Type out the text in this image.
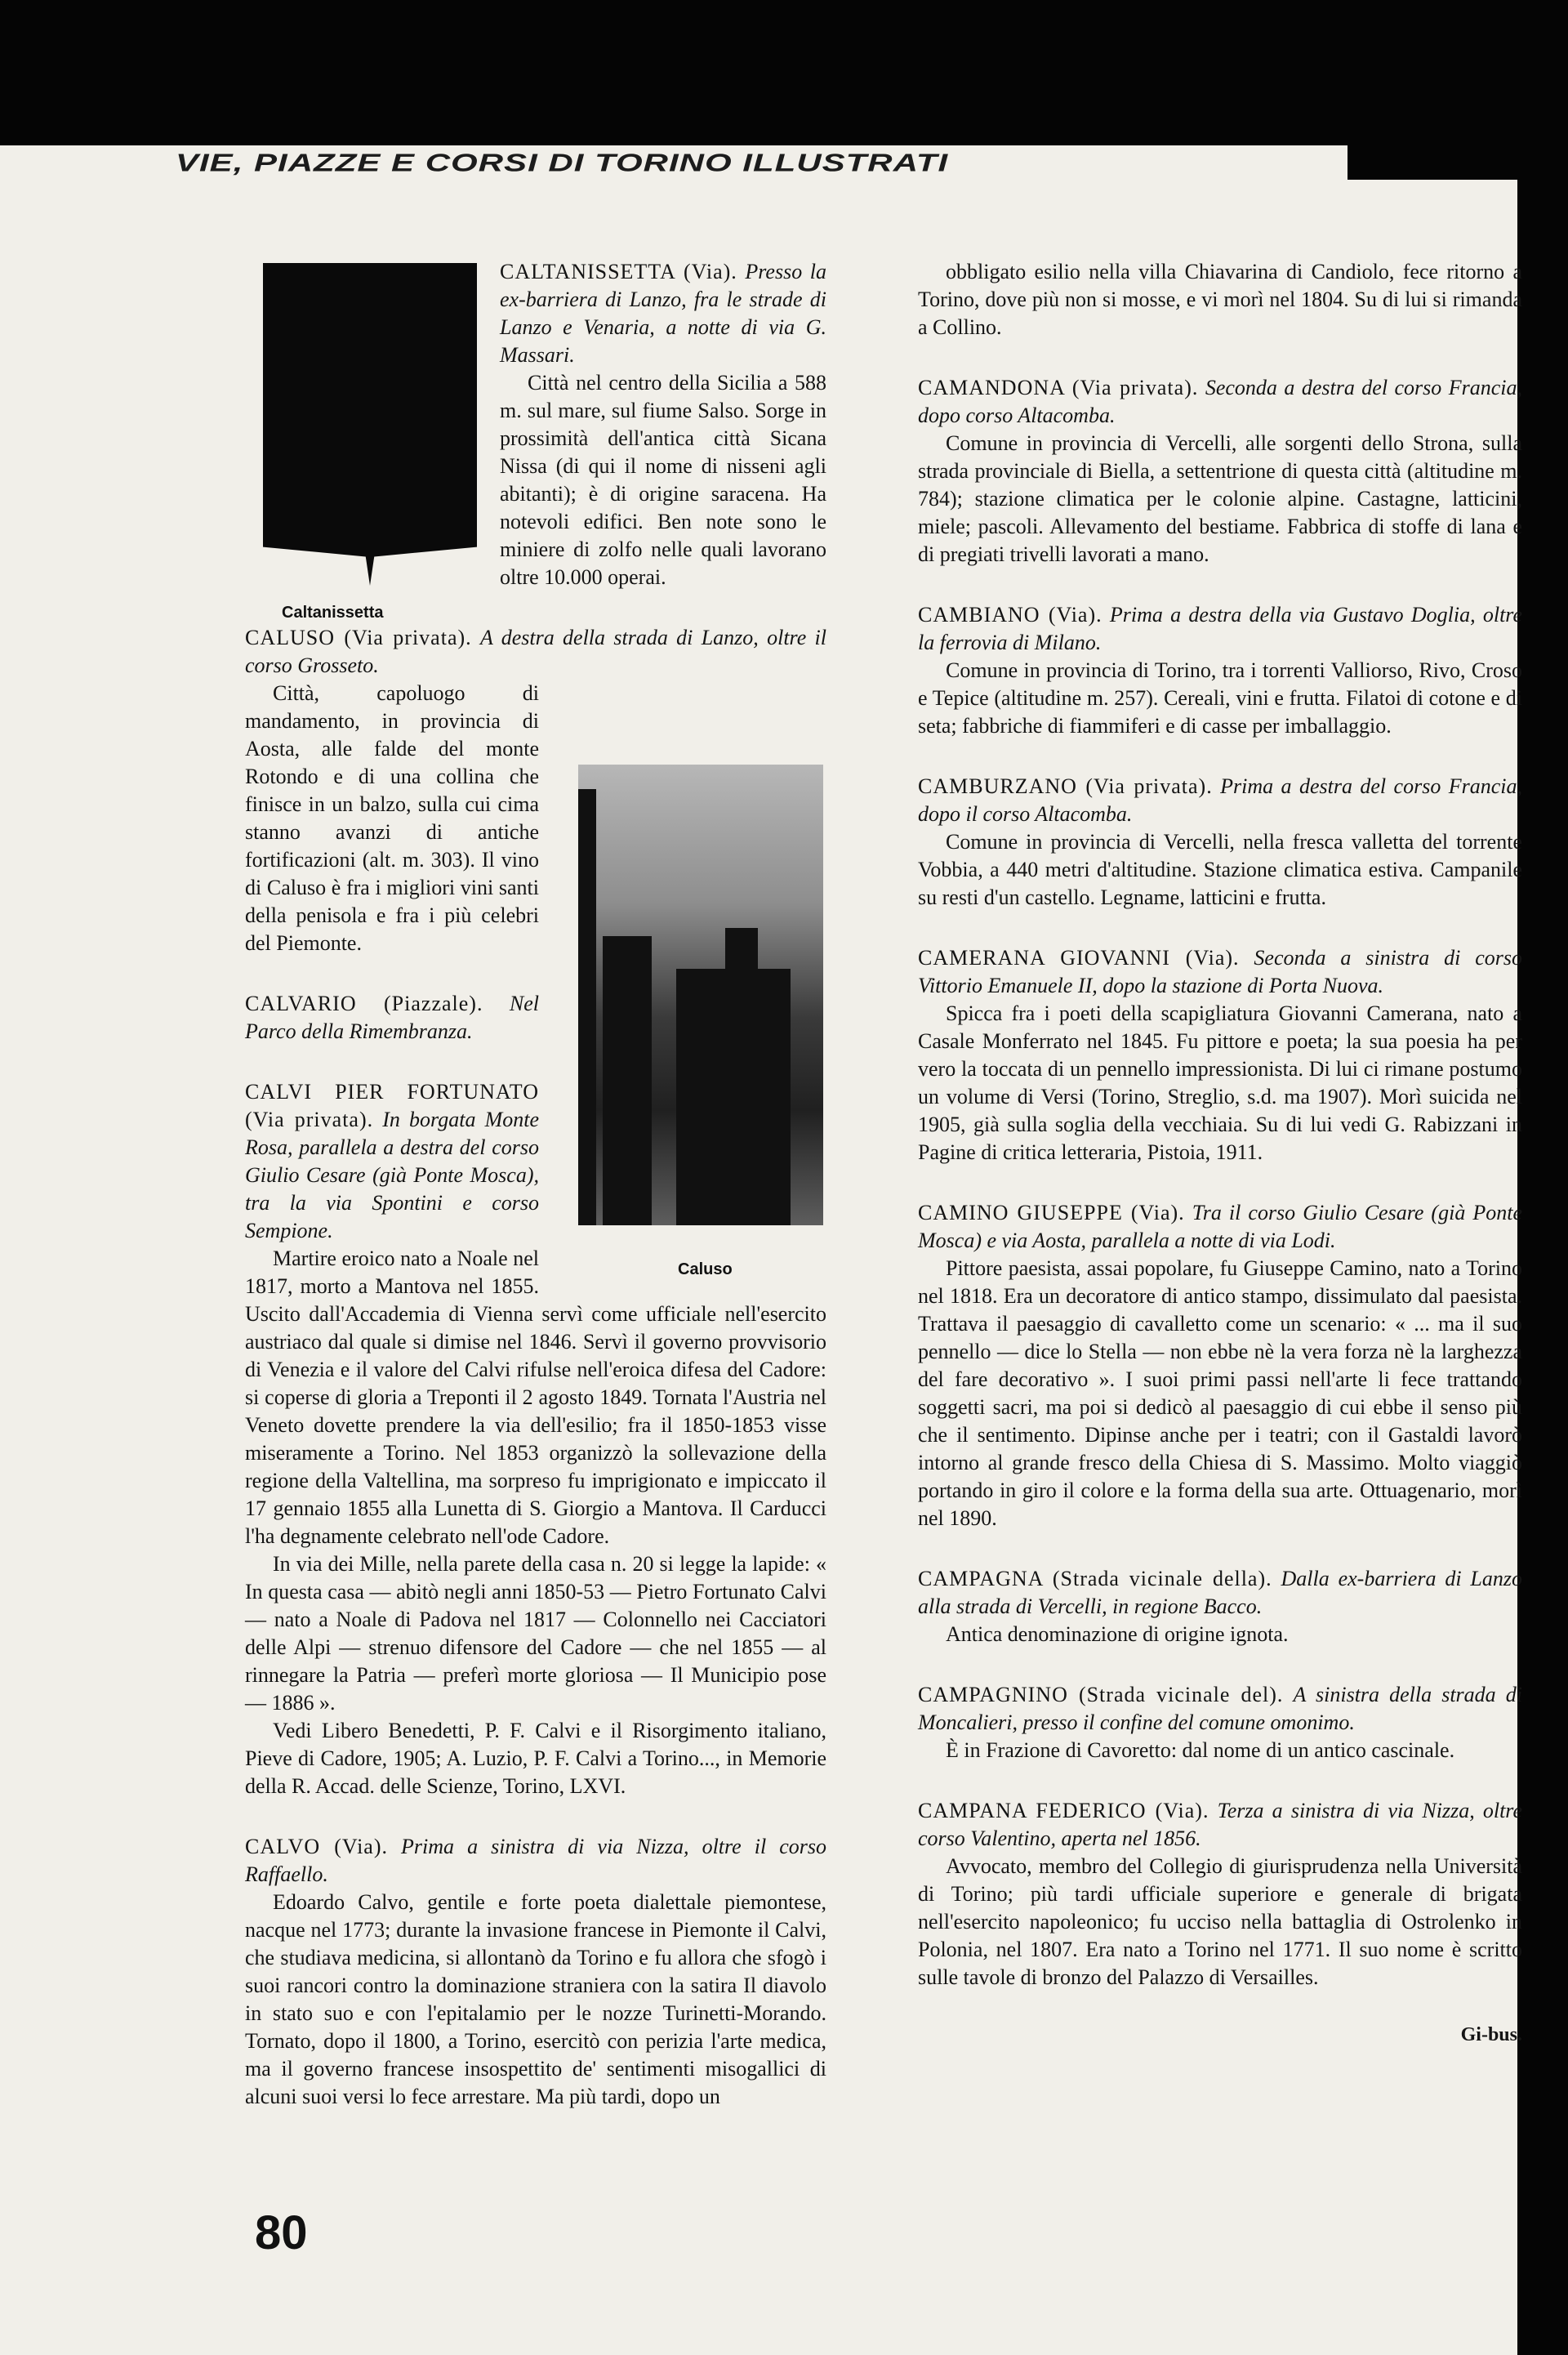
VIE, PIAZZE E CORSI DI TORINO ILLUSTRATI
Caltanissetta
Caluso

CALTANISSETTA (Via). Presso la ex-barriera di Lanzo, fra le strade di Lanzo e Venaria, a notte di via G. Massari.

Città nel centro della Sicilia a 588 m. sul mare, sul fiume Salso. Sorge in prossimità dell'antica città Sicana Nissa (di qui il nome di nisseni agli abitanti); è di origine saracena. Ha notevoli edifici. Ben note sono le miniere di zolfo nelle quali lavorano oltre 10.000 operai.

CALUSO (Via privata). A destra della strada di Lanzo, oltre il corso Grosseto.

Città, capoluogo di mandamento, in provincia di Aosta, alle falde del monte Rotondo e di una collina che finisce in un balzo, sulla cui cima stanno avanzi di antiche fortificazioni (alt. m. 303). Il vino di Caluso è fra i migliori vini santi della penisola e fra i più celebri del Piemonte.

CALVARIO (Piazzale). Nel Parco della Rimembranza.

CALVI PIER FORTUNATO (Via privata). In borgata Monte Rosa, parallela a destra del corso Giulio Cesare (già Ponte Mosca), tra la via Spontini e corso Sempione.

Martire eroico nato a Noale nel 1817, morto a Mantova nel 1855. Uscito dall'Accademia di Vienna servì come ufficiale nell'esercito austriaco dal quale si dimise nel 1846. Servì il governo provvisorio di Venezia e il valore del Calvi rifulse nell'eroica difesa del Cadore: si coperse di gloria a Treponti il 2 agosto 1849. Tornata l'Austria nel Veneto dovette prendere la via dell'esilio; fra il 1850-1853 visse miseramente a Torino. Nel 1853 organizzò la sollevazione della regione della Valtellina, ma sorpreso fu imprigionato e impiccato il 17 gennaio 1855 alla Lunetta di S. Giorgio a Mantova. Il Carducci l'ha degnamente celebrato nell'ode Cadore.

In via dei Mille, nella parete della casa n. 20 si legge la lapide: « In questa casa — abitò negli anni 1850-53 — Pietro Fortunato Calvi — nato a Noale di Padova nel 1817 — Colonnello nei Cacciatori delle Alpi — strenuo difensore del Cadore — che nel 1855 — al rinnegare la Patria — preferì morte gloriosa — Il Municipio pose — 1886 ».

Vedi Libero Benedetti, P. F. Calvi e il Risorgimento italiano, Pieve di Cadore, 1905; A. Luzio, P. F. Calvi a Torino..., in Memorie della R. Accad. delle Scienze, Torino, LXVI.

CALVO (Via). Prima a sinistra di via Nizza, oltre il corso Raffaello.

Edoardo Calvo, gentile e forte poeta dialettale piemontese, nacque nel 1773; durante la invasione francese in Piemonte il Calvi, che studiava medicina, si allontanò da Torino e fu allora che sfogò i suoi rancori contro la dominazione straniera con la satira Il diavolo in stato suo e con l'epitalamio per le nozze Turinetti-Morando. Tornato, dopo il 1800, a Torino, esercitò con perizia l'arte medica, ma il governo francese insospettito de' sentimenti misogallici di alcuni suoi versi lo fece arrestare. Ma più tardi, dopo un

obbligato esilio nella villa Chiavarina di Candiolo, fece ritorno a Torino, dove più non si mosse, e vi morì nel 1804. Su di lui si rimanda a Collino.

CAMANDONA (Via privata). Seconda a destra del corso Francia, dopo corso Altacomba.

Comune in provincia di Vercelli, alle sorgenti dello Strona, sulla strada provinciale di Biella, a settentrione di questa città (altitudine m. 784); stazione climatica per le colonie alpine. Castagne, latticini, miele; pascoli. Allevamento del bestiame. Fabbrica di stoffe di lana e di pregiati trivelli lavorati a mano.

CAMBIANO (Via). Prima a destra della via Gustavo Doglia, oltre la ferrovia di Milano.

Comune in provincia di Torino, tra i torrenti Valliorso, Rivo, Croso e Tepice (altitudine m. 257). Cereali, vini e frutta. Filatoi di cotone e di seta; fabbriche di fiammiferi e di casse per imballaggio.

CAMBURZANO (Via privata). Prima a destra del corso Francia, dopo il corso Altacomba.

Comune in provincia di Vercelli, nella fresca valletta del torrente Vobbia, a 440 metri d'altitudine. Stazione climatica estiva. Campanile su resti d'un castello. Legname, latticini e frutta.

CAMERANA GIOVANNI (Via). Seconda a sinistra di corso Vittorio Emanuele II, dopo la stazione di Porta Nuova.

Spicca fra i poeti della scapigliatura Giovanni Camerana, nato a Casale Monferrato nel 1845. Fu pittore e poeta; la sua poesia ha per vero la toccata di un pennello impressionista. Di lui ci rimane postumo un volume di Versi (Torino, Streglio, s.d. ma 1907). Morì suicida nel 1905, già sulla soglia della vecchiaia. Su di lui vedi G. Rabizzani in Pagine di critica letteraria, Pistoia, 1911.

CAMINO GIUSEPPE (Via). Tra il corso Giulio Cesare (già Ponte Mosca) e via Aosta, parallela a notte di via Lodi.

Pittore paesista, assai popolare, fu Giuseppe Camino, nato a Torino nel 1818. Era un decoratore di antico stampo, dissimulato dal paesista. Trattava il paesaggio di cavalletto come un scenario: « ... ma il suo pennello — dice lo Stella — non ebbe nè la vera forza nè la larghezza del fare decorativo ». I suoi primi passi nell'arte li fece trattando soggetti sacri, ma poi si dedicò al paesaggio di cui ebbe il senso più che il sentimento. Dipinse anche per i teatri; con il Gastaldi lavorò intorno al grande fresco della Chiesa di S. Massimo. Molto viaggiò portando in giro il colore e la forma della sua arte. Ottuagenario, morì nel 1890.

CAMPAGNA (Strada vicinale della). Dalla ex-barriera di Lanzo alla strada di Vercelli, in regione Bacco.

Antica denominazione di origine ignota.

CAMPAGNINO (Strada vicinale del). A sinistra della strada di Moncalieri, presso il confine del comune omonimo.

È in Frazione di Cavoretto: dal nome di un antico cascinale.

CAMPANA FEDERICO (Via). Terza a sinistra di via Nizza, oltre corso Valentino, aperta nel 1856.

Avvocato, membro del Collegio di giurisprudenza nella Università di Torino; più tardi ufficiale superiore e generale di brigata nell'esercito napoleonico; fu ucciso nella battaglia di Ostrolenko in Polonia, nel 1807. Era nato a Torino nel 1771. Il suo nome è scritto sulle tavole di bronzo del Palazzo di Versailles.

Gi-bus.

80
